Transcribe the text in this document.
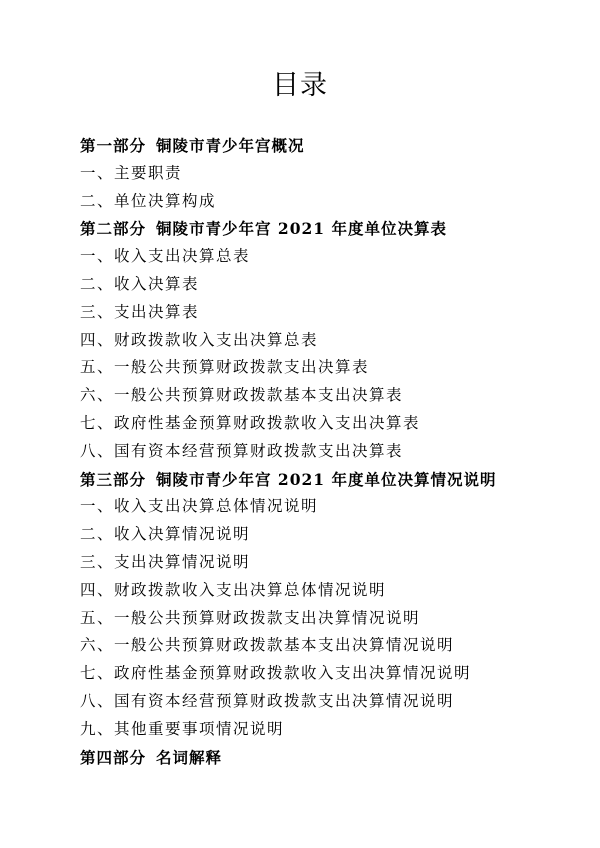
目录
第一部分 铜陵市青少年宫概况
一、主要职责
二、单位决算构成
第二部分 铜陵市青少年宫 2021 年度单位决算表
一、收入支出决算总表
二、收入决算表
三、支出决算表
四、财政拨款收入支出决算总表
五、一般公共预算财政拨款支出决算表
六、一般公共预算财政拨款基本支出决算表
七、政府性基金预算财政拨款收入支出决算表
八、国有资本经营预算财政拨款支出决算表
第三部分 铜陵市青少年宫 2021 年度单位决算情况说明
一、收入支出决算总体情况说明
二、收入决算情况说明
三、支出决算情况说明
四、财政拨款收入支出决算总体情况说明
五、一般公共预算财政拨款支出决算情况说明
六、一般公共预算财政拨款基本支出决算情况说明
七、政府性基金预算财政拨款收入支出决算情况说明
八、国有资本经营预算财政拨款支出决算情况说明
九、其他重要事项情况说明
第四部分 名词解释
